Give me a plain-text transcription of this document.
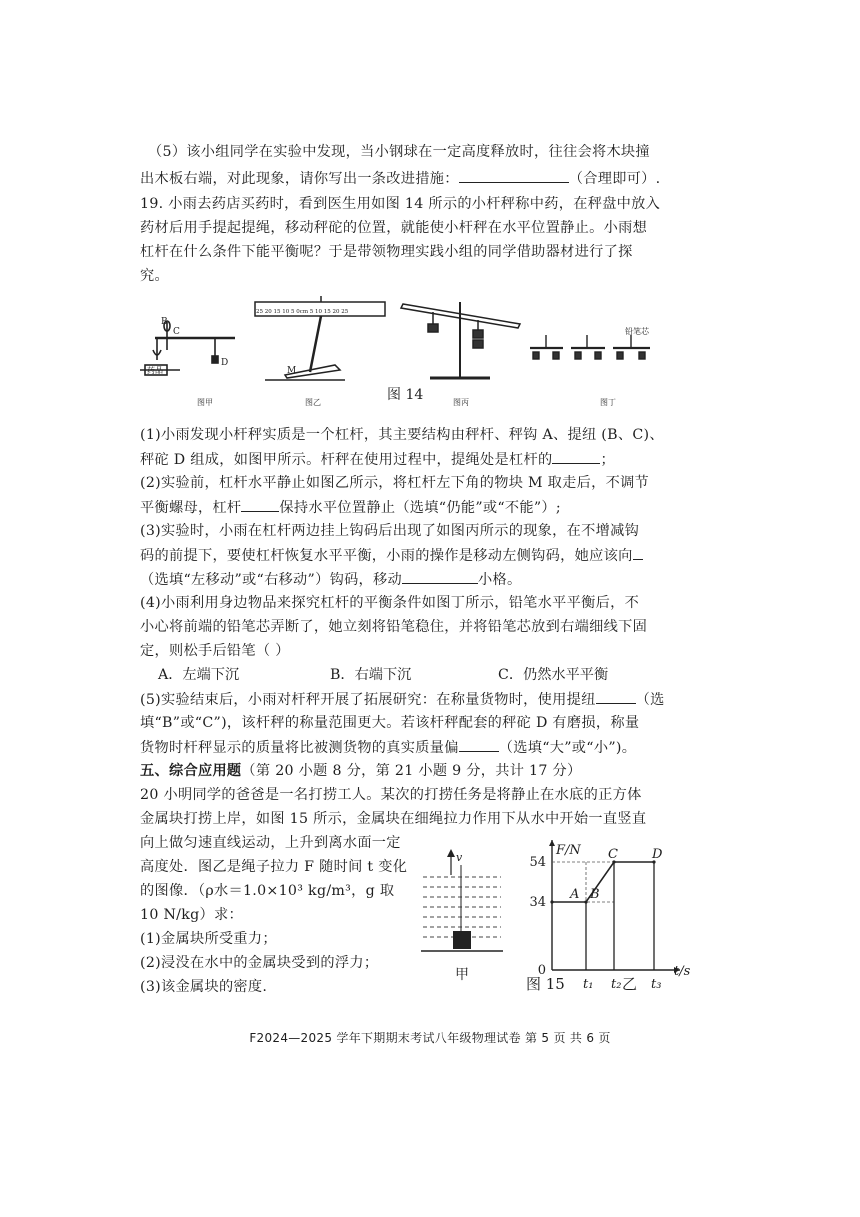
（5）该小组同学在实验中发现，当小钢球在一定高度释放时，往往会将木块撞
出木板右端，对此现象，请你写出一条改进措施：	（合理即可）.
19. 小雨去药店买药时，看到医生用如图 14 所示的小杆秤称中药，在秤盘中放入
药材后用手提起提绳，移动秤砣的位置，就能使小杆秤在水平位置静止。小雨想
杠杆在什么条件下能平衡呢？于是带领物理实践小组的同学借助器材进行了探
究。
B
C
D
药品
25 20 15 10 5 0cm 5 10 15 20 25
M
铅笔芯
图甲	图乙	图丙	图丁
图 14
(1)小雨发现小杆秤实质是一个杠杆，其主要结构由秤杆、秤钩 A、提纽 (B、C)、
秤砣 D 组成，如图甲所示。杆秤在使用过程中，提绳处是杠杆的	；
(2)实验前，杠杆水平静止如图乙所示，将杠杆左下角的物块 M 取走后，不调节
平衡螺母，杠杆	保持水平位置静止（选填“仍能”或“不能”）;
(3)实验时，小雨在杠杆两边挂上钩码后出现了如图丙所示的现象，在不增减钩
码的前提下，要使杠杆恢复水平平衡，小雨的操作是移动左侧钩码，她应该向
（选填“左移动”或“右移动”）钩码，移动	小格。
(4)小雨利用身边物品来探究杠杆的平衡条件如图丁所示，铅笔水平平衡后，不
小心将前端的铅笔芯弄断了，她立刻将铅笔稳住，并将铅笔芯放到右端细线下固
定，则松手后铅笔（ ）
A．左端下沉	B．右端下沉	C．仍然水平平衡
(5)实验结束后，小雨对杆秤开展了拓展研究：在称量货物时，使用提纽	（选
填“B”或“C”)，该杆秤的称量范围更大。若该杆秤配套的秤砣 D 有磨损，称量
货物时杆秤显示的质量将比被测货物的真实质量偏	（选填“大”或“小”)。
五、综合应用题（第 20 小题 8 分，第 21 小题 9 分，共计 17 分）
20 小明同学的爸爸是一名打捞工人。某次的打捞任务是将静止在水底的正方体
金属块打捞上岸，如图 15 所示，金属块在细绳拉力作用下从水中开始一直竖直
向上做匀速直线运动，上升到离水面一定
高度处．图乙是绳子拉力 F 随时间 t 变化
的图像．（ρ水＝1.0×10³ kg/m³，g 取
10 N/kg）求：
(1)金属块所受重力；
(2)浸没在水中的金属块受到的浮力；
(3)该金属块的密度.
v
甲	t/s
F/N
0
34
54
t₁ t₂ t₃
A B
C	D
图 15	乙
F2024—2025 学年下期期末考试八年级物理试卷 第 5 页 共 6 页
